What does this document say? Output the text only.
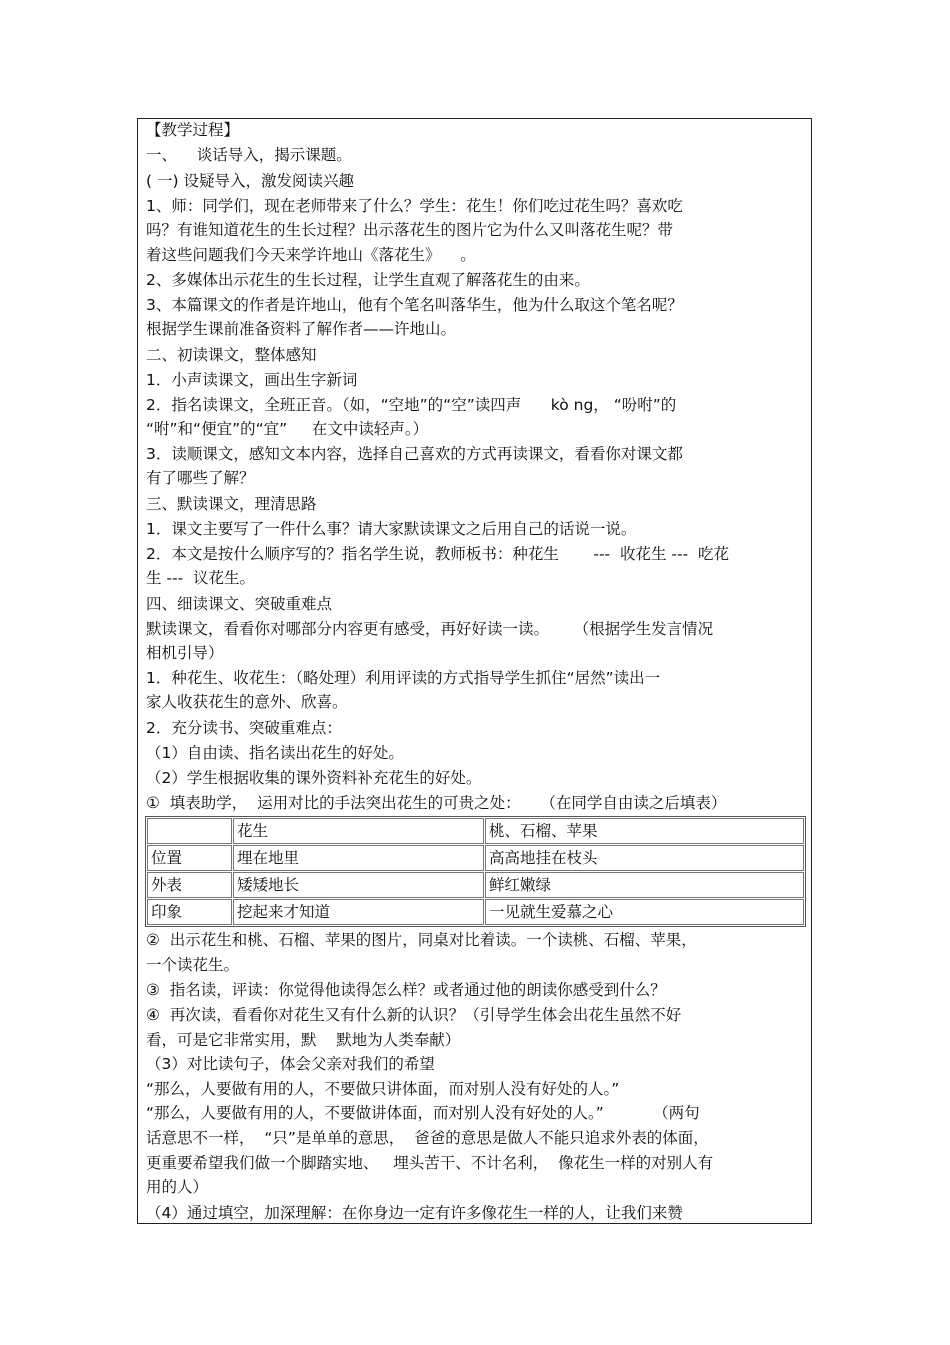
【教学过程】
一、    谈话导入，揭示课题。
( 一) 设疑导入，激发阅读兴趣
1、师：同学们，现在老师带来了什么？学生：花生！你们吃过花生吗？喜欢吃
吗？有谁知道花生的生长过程？出示落花生的图片它为什么又叫落花生呢？带
着这些问题我们今天来学许地山《落花生》    。
2、多媒体出示花生的生长过程，让学生直观了解落花生的由来。
3、本篇课文的作者是许地山，他有个笔名叫落华生，他为什么取这个笔名呢？
根据学生课前准备资料了解作者——许地山。
二、初读课文，整体感知
1．小声读课文，画出生字新词
2．指名读课文，全班正音。（如，“空地”的“空”读四声      kò ng， “吩咐”的
“咐”和“便宜”的“宜”     在文中读轻声。）
3．读顺课文，感知文本内容，选择自己喜欢的方式再读课文，看看你对课文都
有了哪些了解？
三、默读课文，理清思路
1．课文主要写了一件什么事？请大家默读课文之后用自己的话说一说。
2．本文是按什么顺序写的？指名学生说，教师板书：种花生       ---  收花生 ---  吃花
生 ---  议花生。
四、细读课文、突破重难点
默读课文，看看你对哪部分内容更有感受，再好好读一读。     （根据学生发言情况
相机引导）
1．种花生、收花生：（略处理）利用评读的方式指导学生抓住“居然”读出一
家人收获花生的意外、欣喜。
2．充分读书、突破重难点：
（1）自由读、指名读出花生的好处。
（2）学生根据收集的课外资料补充花生的好处。
①  填表助学，  运用对比的手法突出花生的可贵之处：    （在同学自由读之后填表）
	花生	桃、石榴、苹果
位置	埋在地里	高高地挂在枝头
外表	矮矮地长	鲜红嫩绿
印象	挖起来才知道	一见就生爱慕之心
②  出示花生和桃、石榴、苹果的图片，同桌对比着读。一个读桃、石榴、苹果，
一个读花生。
③  指名读，评读：你觉得他读得怎么样？或者通过他的朗读你感受到什么？
④  再次读，看看你对花生又有什么新的认识？（引导学生体会出花生虽然不好
看，可是它非常实用，默    默地为人类奉献）
（3）对比读句子，体会父亲对我们的希望
“那么，人要做有用的人，不要做只讲体面，而对别人没有好处的人。”
“那么，人要做有用的人，不要做讲体面，而对别人没有好处的人。”          （两句
话意思不一样，  “只”是单单的意思，  爸爸的意思是做人不能只追求外表的体面，
更重要希望我们做一个脚踏实地、   埋头苦干、不计名利，  像花生一样的对别人有
用的人）
（4）通过填空，加深理解：在你身边一定有许多像花生一样的人，让我们来赞
